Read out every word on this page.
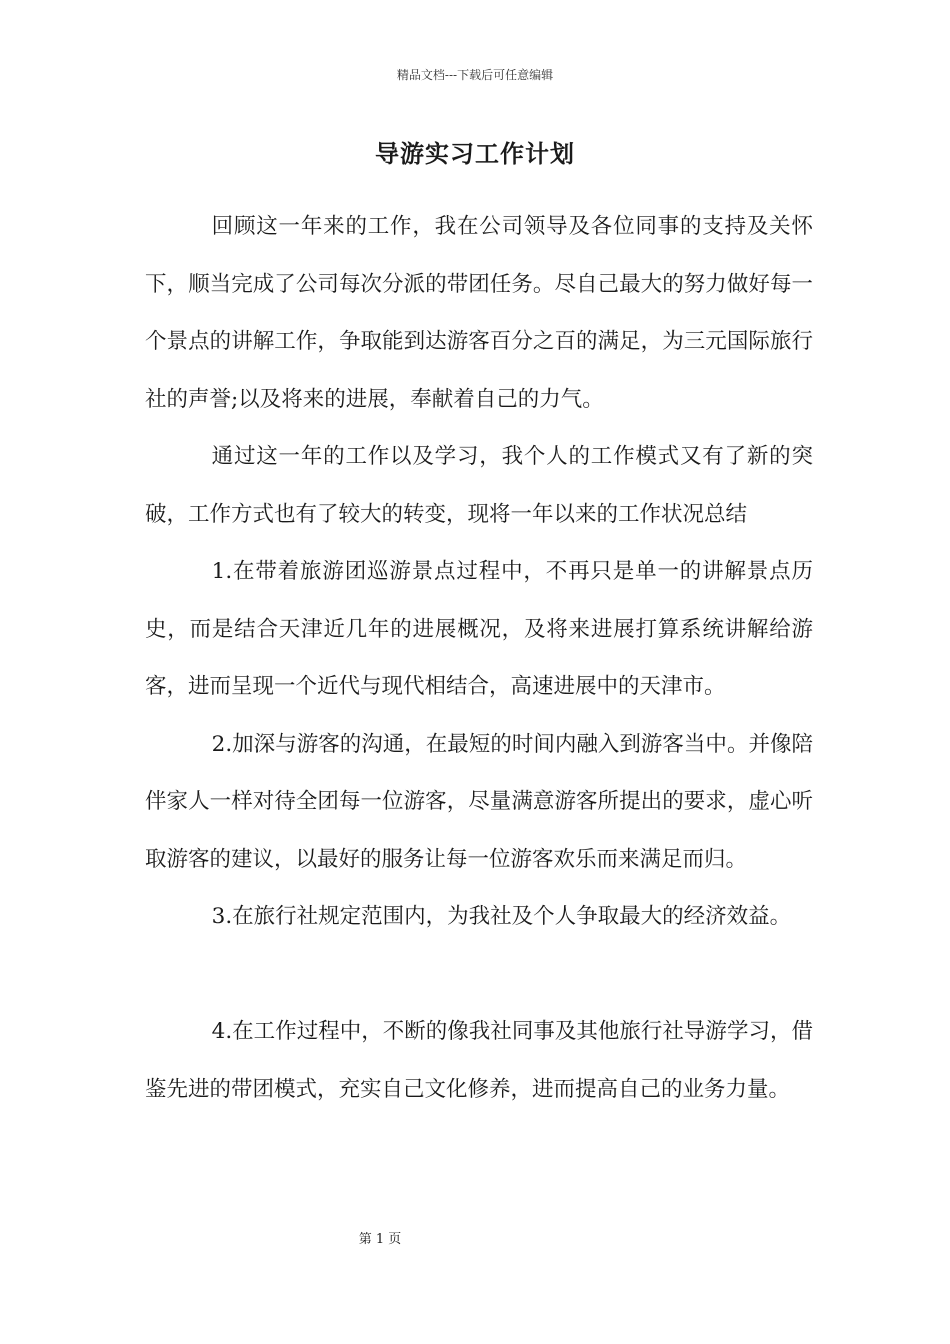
精品文档---下载后可任意编辑
导游实习工作计划

回顾这一年来的工作，我在公司领导及各位同事的支持及关怀下，顺当完成了公司每次分派的带团任务。尽自己最大的努力做好每一个景点的讲解工作，争取能到达游客百分之百的满足，为三元国际旅行社的声誉;以及将来的进展，奉献着自己的力气。

通过这一年的工作以及学习，我个人的工作模式又有了新的突破，工作方式也有了较大的转变，现将一年以来的工作状况总结

1.在带着旅游团巡游景点过程中，不再只是单一的讲解景点历史，而是结合天津近几年的进展概况，及将来进展打算系统讲解给游客，进而呈现一个近代与现代相结合，高速进展中的天津市。

2.加深与游客的沟通，在最短的时间内融入到游客当中。并像陪伴家人一样对待全团每一位游客，尽量满意游客所提出的要求，虚心听取游客的建议，以最好的服务让每一位游客欢乐而来满足而归。

3.在旅行社规定范围内，为我社及个人争取最大的经济效益。

4.在工作过程中，不断的像我社同事及其他旅行社导游学习，借鉴先进的带团模式，充实自己文化修养，进而提高自己的业务力量。

第 1 页
